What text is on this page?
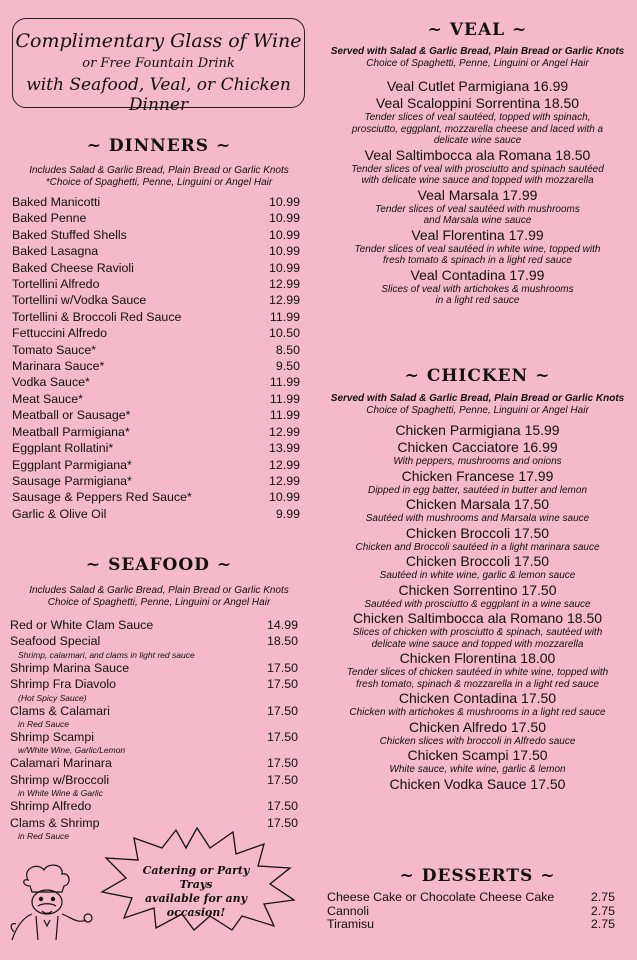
Complimentary Glass of Wine
or Free Fountain Drink
with Seafood, Veal, or Chicken Dinner
~ DINNERS ~
Includes Salad & Garlic Bread, Plain Bread or Garlic Knots
*Choice of Spaghetti, Penne, Linguini or Angel Hair
Baked Manicotti	10.99
Baked Penne	10.99
Baked Stuffed Shells	10.99
Baked Lasagna	10.99
Baked Cheese Ravioli	10.99
Tortellini Alfredo	12.99
Tortellini w/Vodka Sauce	12.99
Tortellini & Broccoli Red Sauce	11.99
Fettuccini Alfredo	10.50
Tomato Sauce*	8.50
Marinara Sauce*	9.50
Vodka Sauce*	11.99
Meat Sauce*	11.99
Meatball or Sausage*	11.99
Meatball Parmigiana*	12.99
Eggplant Rollatini*	13.99
Eggplant Parmigiana*	12.99
Sausage Parmigiana*	12.99
Sausage & Peppers Red Sauce*	10.99
Garlic & Olive Oil	9.99
~ SEAFOOD ~
Includes Salad & Garlic Bread, Plain Bread or Garlic Knots
Choice of Spaghetti, Penne, Linguini or Angel Hair
Red or White Clam Sauce	14.99
Seafood Special	18.50
Shrimp, calarmari, and clams in light red sauce
Shrimp Marina Sauce	17.50
Shrimp Fra Diavolo	17.50
(Hot Spicy Sauce)
Clams & Calamari	17.50
in Red Sauce
Shrimp Scampi	17.50
w/White Wine, Garlic/Lemon
Calamari Marinara	17.50
Shrimp w/Broccoli	17.50
in White Wine & Garlic
Shrimp Alfredo	17.50
Clams & Shrimp	17.50
in Red Sauce
Catering or Party Trays
available for any
occasion!
~ VEAL ~
Served with Salad & Garlic Bread, Plain Bread or Garlic Knots
Choice of Spaghetti, Penne, Linguini or Angel Hair
Veal Cutlet Parmigiana 16.99
Veal Scaloppini Sorrentina 18.50
Tender slices of veal sautéed, topped with spinach,
prosciutto, eggplant, mozzarella cheese and laced with a
delicate wine sauce
Veal Saltimbocca ala Romana 18.50
Tender slices of veal with prosciutto and spinach sautéed
with delicate wine sauce and topped with mozzarella
Veal Marsala 17.99
Tender slices of veal sautéed with mushrooms
and Marsala wine sauce
Veal Florentina 17.99
Tender slices of veal sautéed in white wine, topped with
fresh tomato & spinach in a light red sauce
Veal Contadina 17.99
Slices of veal with artichokes & mushrooms
in a light red sauce
~ CHICKEN ~
Served with Salad & Garlic Bread, Plain Bread or Garlic Knots
Choice of Spaghetti, Penne, Linguini or Angel Hair
Chicken Parmigiana 15.99
Chicken Cacciatore 16.99
With peppers, mushrooms and onions
Chicken Francese 17.99
Dipped in egg batter, sautéed in butter and lemon
Chicken Marsala 17.50
Sautéed with mushrooms and Marsala wine sauce
Chicken Broccoli 17.50
Chicken and Broccoli sautéed in a light marinara sauce
Chicken Broccoli 17.50
Sautéed in white wine, garlic & lemon sauce
Chicken Sorrentino 17.50
Sautéed with prosciutto & eggplant in a wine sauce
Chicken Saltimbocca ala Romano 18.50
Slices of chicken with prosciutto & spinach, sautéed with
delicate wine sauce and topped with mozzarella
Chicken Florentina 18.00
Tender slices of chicken sautéed in white wine, topped with
fresh tomato, spinach & mozzarella in a light red sauce
Chicken Contadina 17.50
Chicken with artichokes & mushrooms in a light red sauce
Chicken Alfredo 17.50
Chicken slices with broccoli in Alfredo sauce
Chicken Scampi 17.50
White sauce, white wine, garlic & lemon
Chicken Vodka Sauce 17.50
~ DESSERTS ~
Cheese Cake or Chocolate Cheese Cake	2.75
Cannoli	2.75
Tiramisu	2.75
